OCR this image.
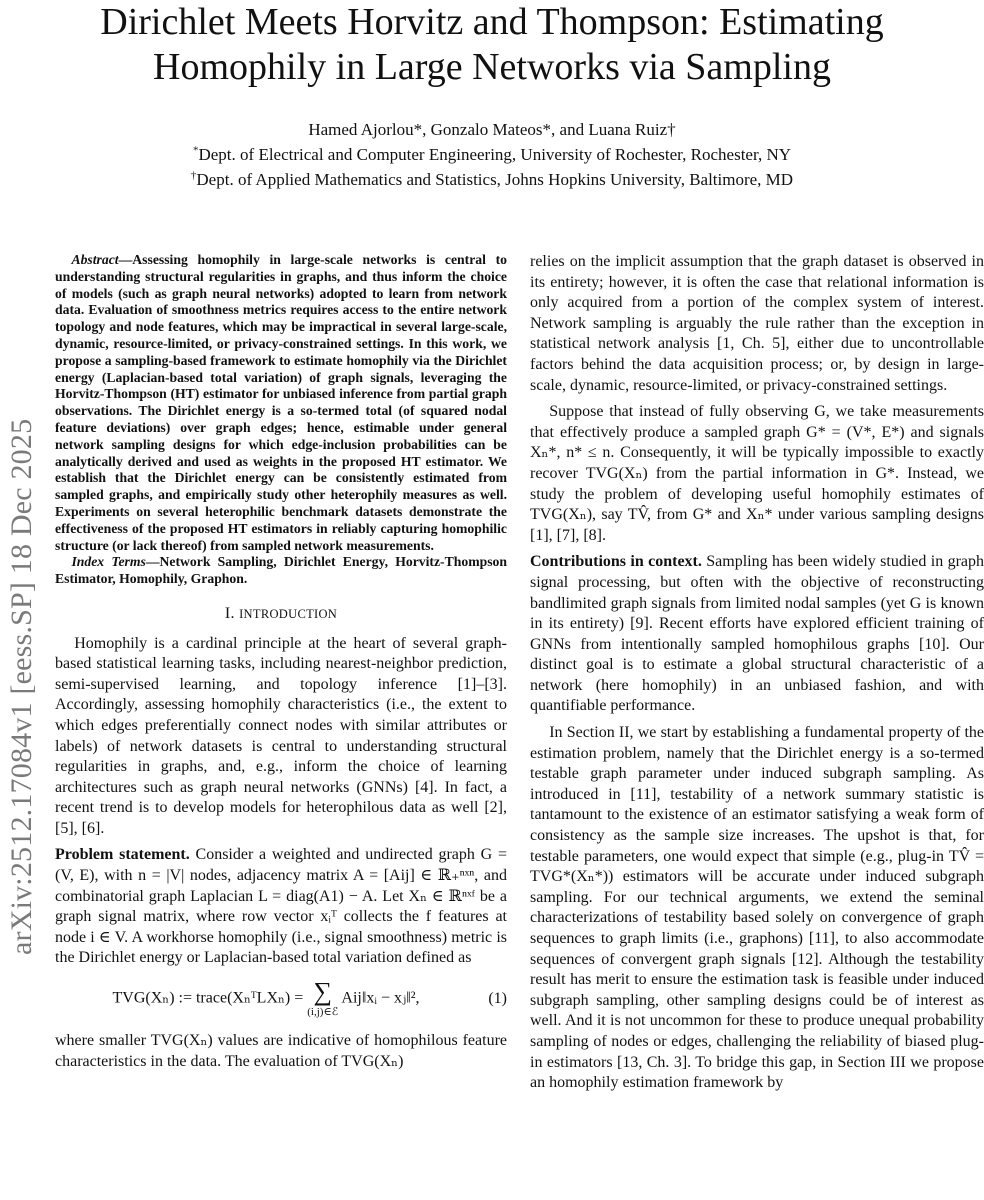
Dirichlet Meets Horvitz and Thompson: Estimating
Homophily in Large Networks via Sampling
Hamed Ajorlou*, Gonzalo Mateos*, and Luana Ruiz†
*Dept. of Electrical and Computer Engineering, University of Rochester, Rochester, NY
†Dept. of Applied Mathematics and Statistics, Johns Hopkins University, Baltimore, MD
arXiv:2512.17084v1 [eess.SP] 18 Dec 2025

Abstract—Assessing homophily in large-scale networks is central to understanding structural regularities in graphs, and thus inform the choice of models (such as graph neural networks) adopted to learn from network data. Evaluation of smoothness metrics requires access to the entire network topology and node features, which may be impractical in several large-scale, dynamic, resource-limited, or privacy-constrained settings. In this work, we propose a sampling-based framework to estimate homophily via the Dirichlet energy (Laplacian-based total variation) of graph signals, leveraging the Horvitz-Thompson (HT) estimator for unbiased inference from partial graph observations. The Dirichlet energy is a so-termed total (of squared nodal feature deviations) over graph edges; hence, estimable under general network sampling designs for which edge-inclusion probabilities can be analytically derived and used as weights in the proposed HT estimator. We establish that the Dirichlet energy can be consistently estimated from sampled graphs, and empirically study other heterophily measures as well. Experiments on several heterophilic benchmark datasets demonstrate the effectiveness of the proposed HT estimators in reliably capturing homophilic structure (or lack thereof) from sampled network measurements.

Index Terms—Network Sampling, Dirichlet Energy, Horvitz-Thompson Estimator, Homophily, Graphon.

I. INTRODUCTION

Homophily is a cardinal principle at the heart of several graph-based statistical learning tasks, including nearest-neighbor prediction, semi-supervised learning, and topology inference [1]–[3]. Accordingly, assessing homophily characteristics (i.e., the extent to which edges preferentially connect nodes with similar attributes or labels) of network datasets is central to understanding structural regularities in graphs, and, e.g., inform the choice of learning architectures such as graph neural networks (GNNs) [4]. In fact, a recent trend is to develop models for heterophilous data as well [2], [5], [6].

Problem statement. Consider a weighted and undirected graph G = (V, E), with n = |V| nodes, adjacency matrix A = [Aij] ∈ ℝ₊ⁿˣⁿ, and combinatorial graph Laplacian L = diag(A1) − A. Let Xₙ ∈ ℝⁿˣᶠ be a graph signal matrix, where row vector xᵢᵀ collects the f features at node i ∈ V. A workhorse homophily (i.e., signal smoothness) metric is the Dirichlet energy or Laplacian-based total variation defined as

TVG(Xₙ) := trace(XₙᵀLXₙ) = ∑
(i,j)∈ℰ
Aij‖xᵢ − xⱼ‖²,	(1)

where smaller TVG(Xₙ) values are indicative of homophilous feature characteristics in the data. The evaluation of TVG(Xₙ)

relies on the implicit assumption that the graph dataset is observed in its entirety; however, it is often the case that relational information is only acquired from a portion of the complex system of interest. Network sampling is arguably the rule rather than the exception in statistical network analysis [1, Ch. 5], either due to uncontrollable factors behind the data acquisition process; or, by design in large-scale, dynamic, resource-limited, or privacy-constrained settings.

Suppose that instead of fully observing G, we take measurements that effectively produce a sampled graph G* = (V*, E*) and signals Xₙ*, n* ≤ n. Consequently, it will be typically impossible to exactly recover TVG(Xₙ) from the partial information in G*. Instead, we study the problem of developing useful homophily estimates of TVG(Xₙ), say TV̂, from G* and Xₙ* under various sampling designs [1], [7], [8].

Contributions in context. Sampling has been widely studied in graph signal processing, but often with the objective of reconstructing bandlimited graph signals from limited nodal samples (yet G is known in its entirety) [9]. Recent efforts have explored efficient training of GNNs from intentionally sampled homophilous graphs [10]. Our distinct goal is to estimate a global structural characteristic of a network (here homophily) in an unbiased fashion, and with quantifiable performance.

In Section II, we start by establishing a fundamental property of the estimation problem, namely that the Dirichlet energy is a so-termed testable graph parameter under induced subgraph sampling. As introduced in [11], testability of a network summary statistic is tantamount to the existence of an estimator satisfying a weak form of consistency as the sample size increases. The upshot is that, for testable parameters, one would expect that simple (e.g., plug-in TV̂ = TVG*(Xₙ*)) estimators will be accurate under induced subgraph sampling. For our technical arguments, we extend the seminal characterizations of testability based solely on convergence of graph sequences to graph limits (i.e., graphons) [11], to also accommodate sequences of convergent graph signals [12]. Although the testability result has merit to ensure the estimation task is feasible under induced subgraph sampling, other sampling designs could be of interest as well. And it is not uncommon for these to produce unequal probability sampling of nodes or edges, challenging the reliability of biased plug-in estimators [13, Ch. 3]. To bridge this gap, in Section III we propose an homophily estimation framework by
